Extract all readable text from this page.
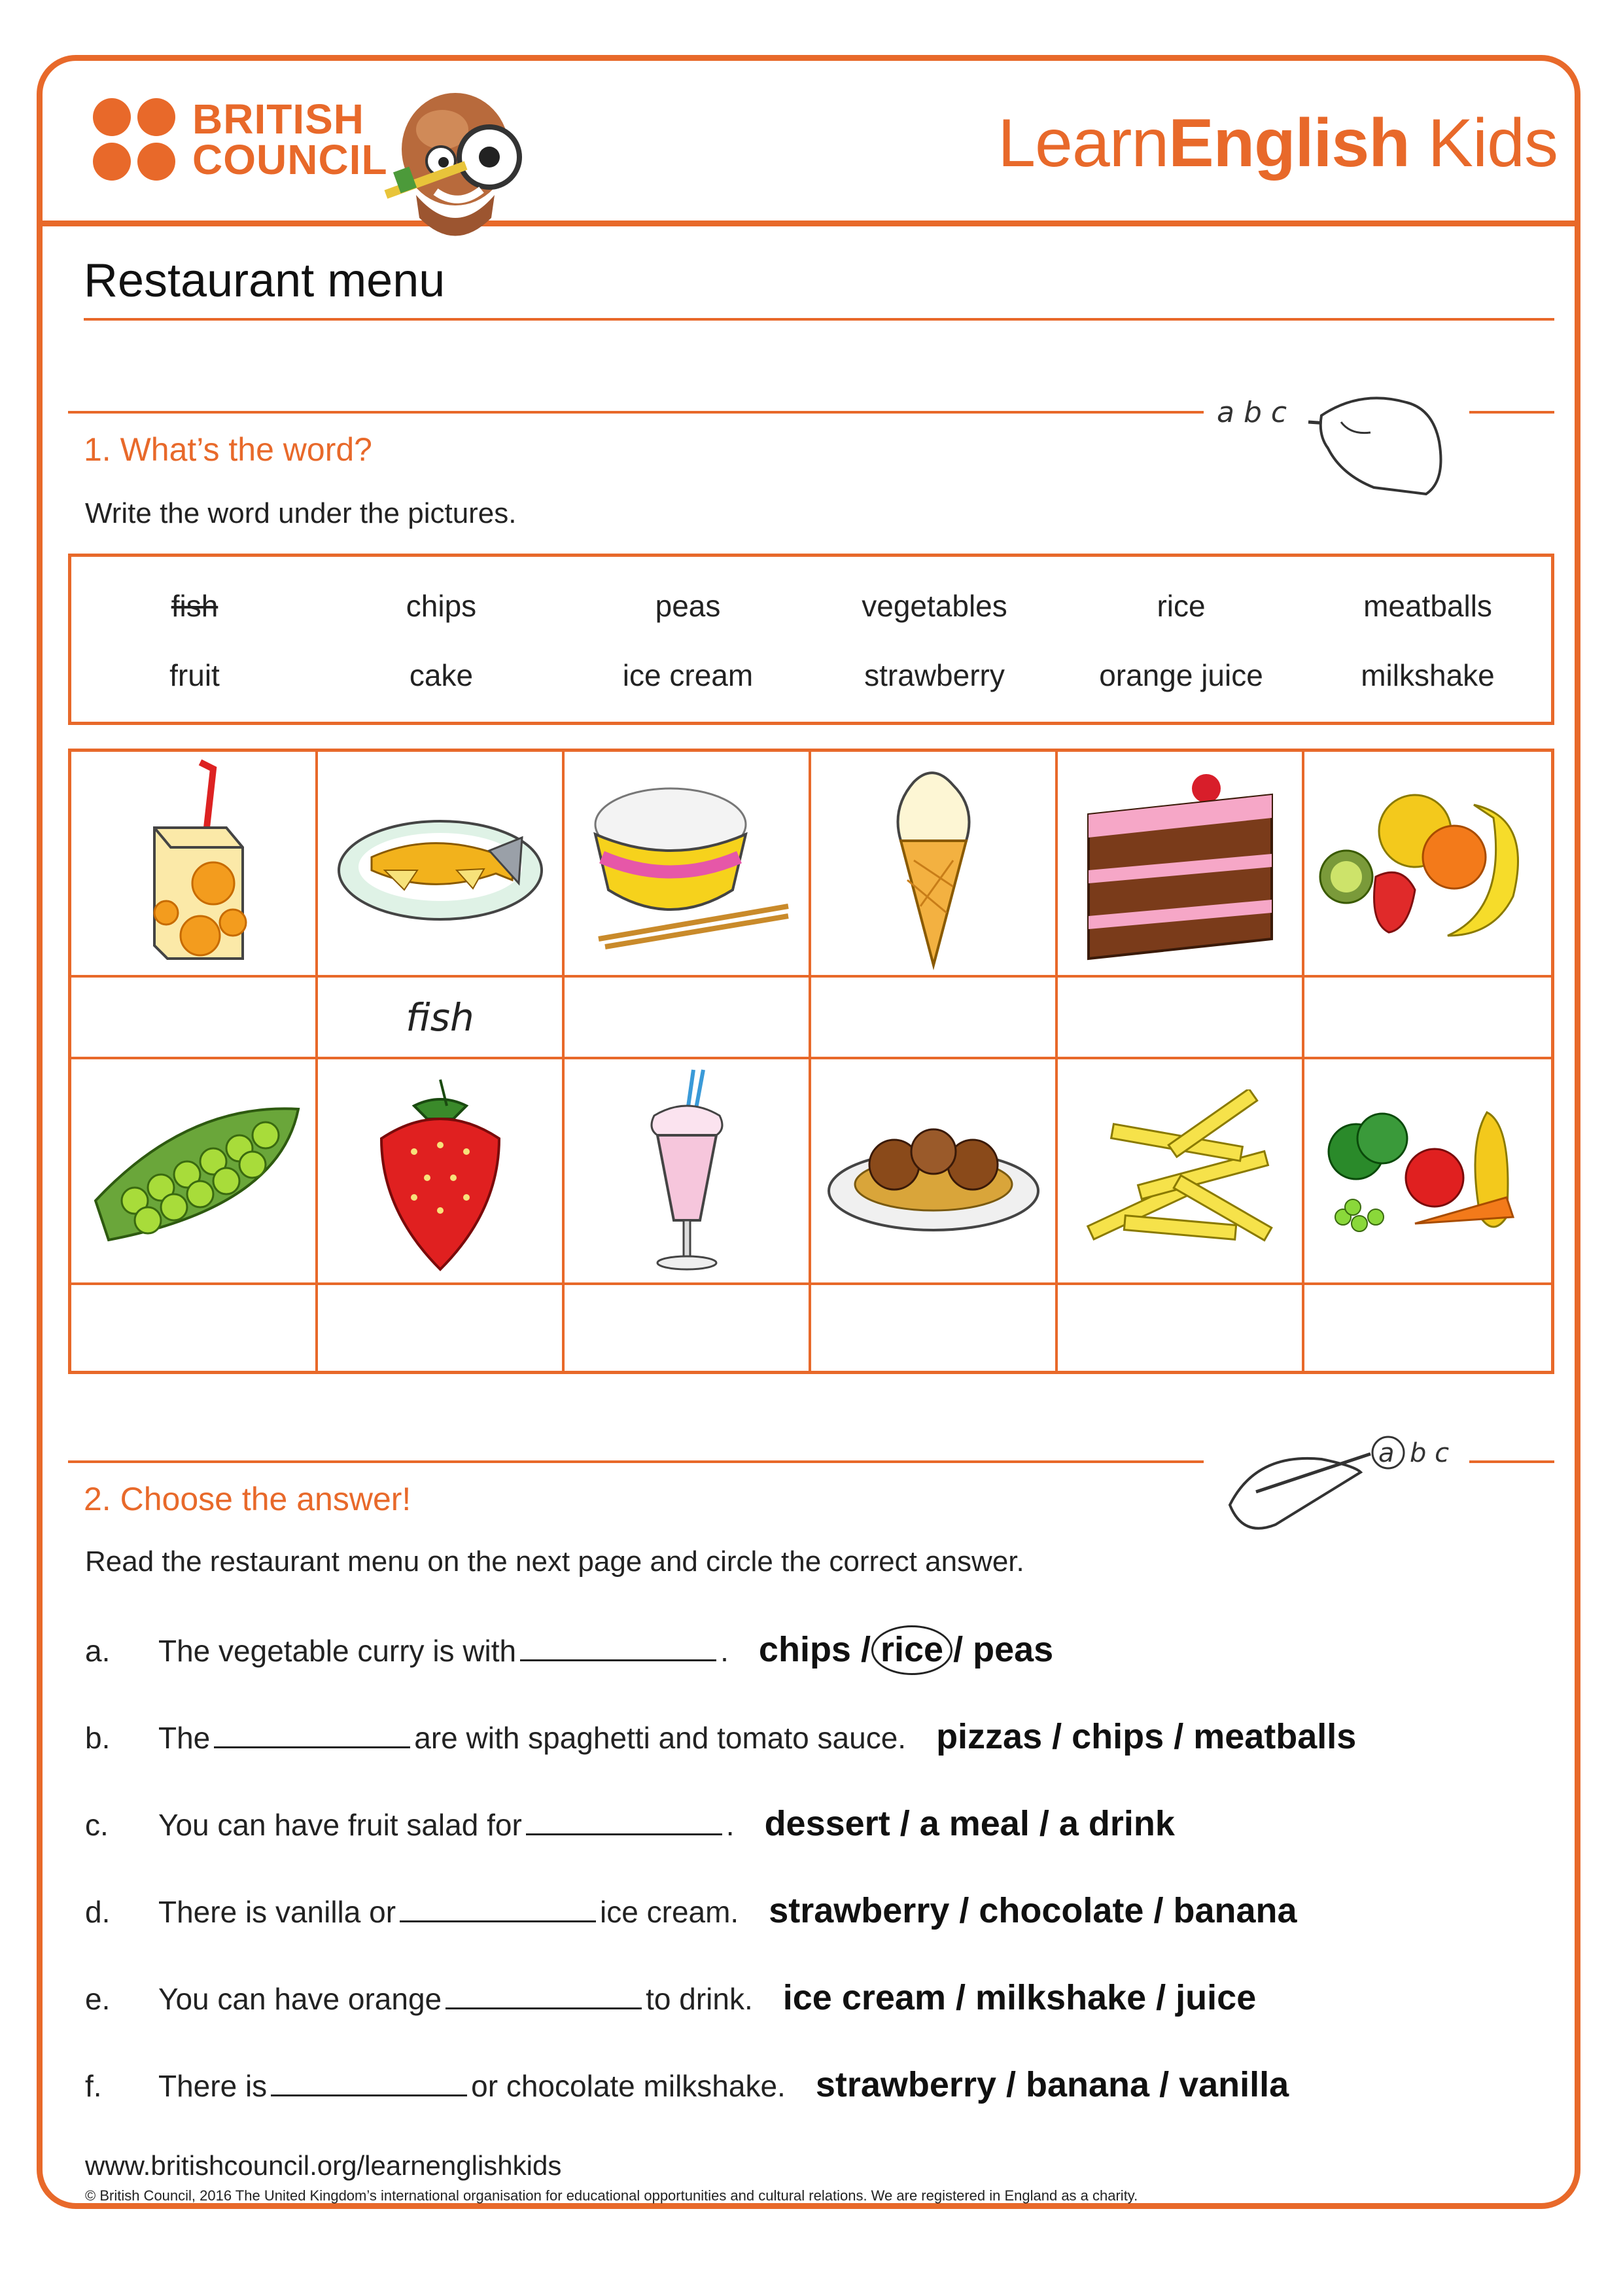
BRITISH
COUNCIL	LearnEnglish Kids
Restaurant menu
a b c
1. What’s the word?
Write the word under the pictures.
fish	chips	peas	vegetables	rice	meatballs
fruit	cake	ice cream	strawberry	orange juice	milkshake
fish
a b c
2. Choose the answer!
Read the restaurant menu on the next page and circle the correct answer.
a.	The vegetable curry is with	. chips / rice / peas
b.	The	are with spaghetti and tomato sauce. pizzas / chips / meatballs
c.	You can have fruit salad for	. dessert / a meal / a drink
d.	There is vanilla or	ice cream. strawberry / chocolate / banana
e.	You can have orange	to drink. ice cream / milkshake / juice
f.	There is	or chocolate milkshake. strawberry / banana / vanilla
www.britishcouncil.org/learnenglishkids
© British Council, 2016 The United Kingdom’s international organisation for educational opportunities and cultural relations. We are registered in England as a charity.
